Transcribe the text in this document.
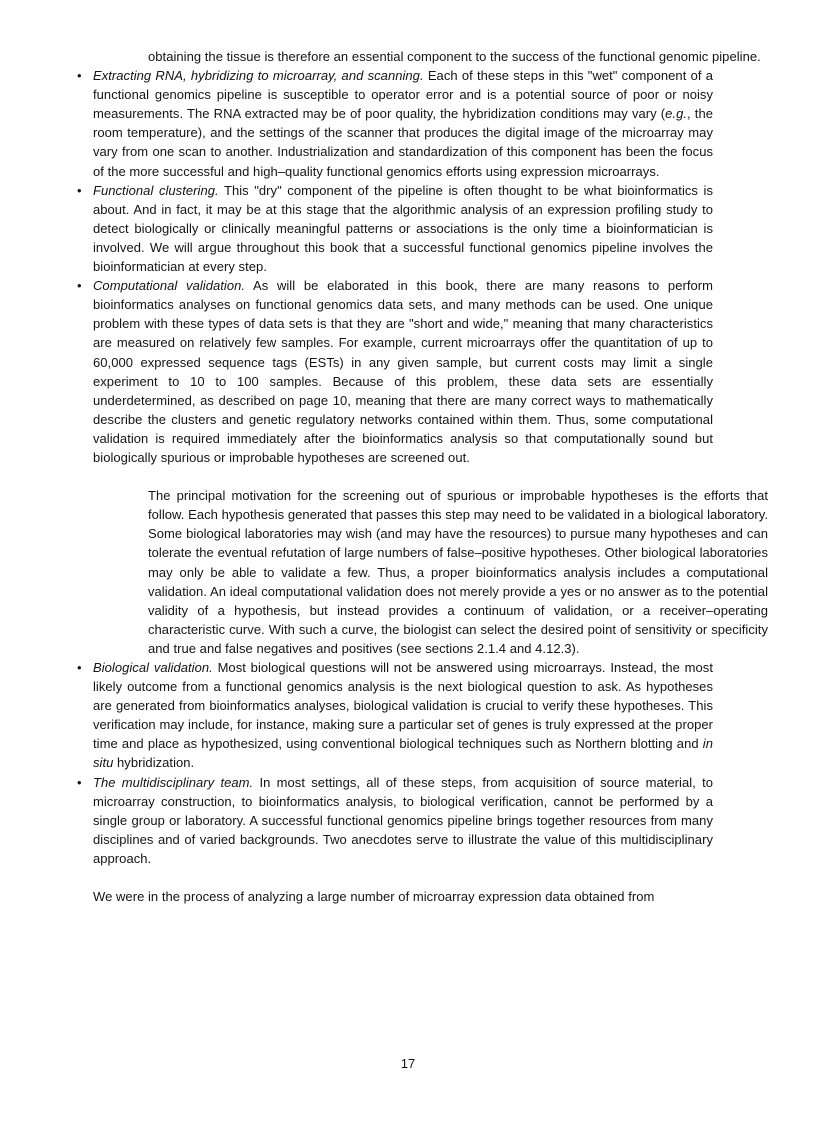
obtaining the tissue is therefore an essential component to the success of the functional genomic pipeline.

• Extracting RNA, hybridizing to microarray, and scanning. Each of these steps in this "wet" component of a functional genomics pipeline is susceptible to operator error and is a potential source of poor or noisy measurements. The RNA extracted may be of poor quality, the hybridization conditions may vary (e.g., the room temperature), and the settings of the scanner that produces the digital image of the microarray may vary from one scan to another. Industrialization and standardization of this component has been the focus of the more successful and high–quality functional genomics efforts using expression microarrays.

• Functional clustering. This "dry" component of the pipeline is often thought to be what bioinformatics is about. And in fact, it may be at this stage that the algorithmic analysis of an expression profiling study to detect biologically or clinically meaningful patterns or associations is the only time a bioinformatician is involved. We will argue throughout this book that a successful functional genomics pipeline involves the bioinformatician at every step.

• Computational validation. As will be elaborated in this book, there are many reasons to perform bioinformatics analyses on functional genomics data sets, and many methods can be used. One unique problem with these types of data sets is that they are "short and wide," meaning that many characteristics are measured on relatively few samples. For example, current microarrays offer the quantitation of up to 60,000 expressed sequence tags (ESTs) in any given sample, but current costs may limit a single experiment to 10 to 100 samples. Because of this problem, these data sets are essentially underdetermined, as described on page 10, meaning that there are many correct ways to mathematically describe the clusters and genetic regulatory networks contained within them. Thus, some computational validation is required immediately after the bioinformatics analysis so that computationally sound but biologically spurious or improbable hypotheses are screened out.

The principal motivation for the screening out of spurious or improbable hypotheses is the efforts that follow. Each hypothesis generated that passes this step may need to be validated in a biological laboratory. Some biological laboratories may wish (and may have the resources) to pursue many hypotheses and can tolerate the eventual refutation of large numbers of false–positive hypotheses. Other biological laboratories may only be able to validate a few. Thus, a proper bioinformatics analysis includes a computational validation. An ideal computational validation does not merely provide a yes or no answer as to the potential validity of a hypothesis, but instead provides a continuum of validation, or a receiver–operating characteristic curve. With such a curve, the biologist can select the desired point of sensitivity or specificity and true and false negatives and positives (see sections 2.1.4 and 4.12.3).

• Biological validation. Most biological questions will not be answered using microarrays. Instead, the most likely outcome from a functional genomics analysis is the next biological question to ask. As hypotheses are generated from bioinformatics analyses, biological validation is crucial to verify these hypotheses. This verification may include, for instance, making sure a particular set of genes is truly expressed at the proper time and place as hypothesized, using conventional biological techniques such as Northern blotting and in situ hybridization.

• The multidisciplinary team. In most settings, all of these steps, from acquisition of source material, to microarray construction, to bioinformatics analysis, to biological verification, cannot be performed by a single group or laboratory. A successful functional genomics pipeline brings together resources from many disciplines and of varied backgrounds. Two anecdotes serve to illustrate the value of this multidisciplinary approach.

We were in the process of analyzing a large number of microarray expression data obtained from

17
